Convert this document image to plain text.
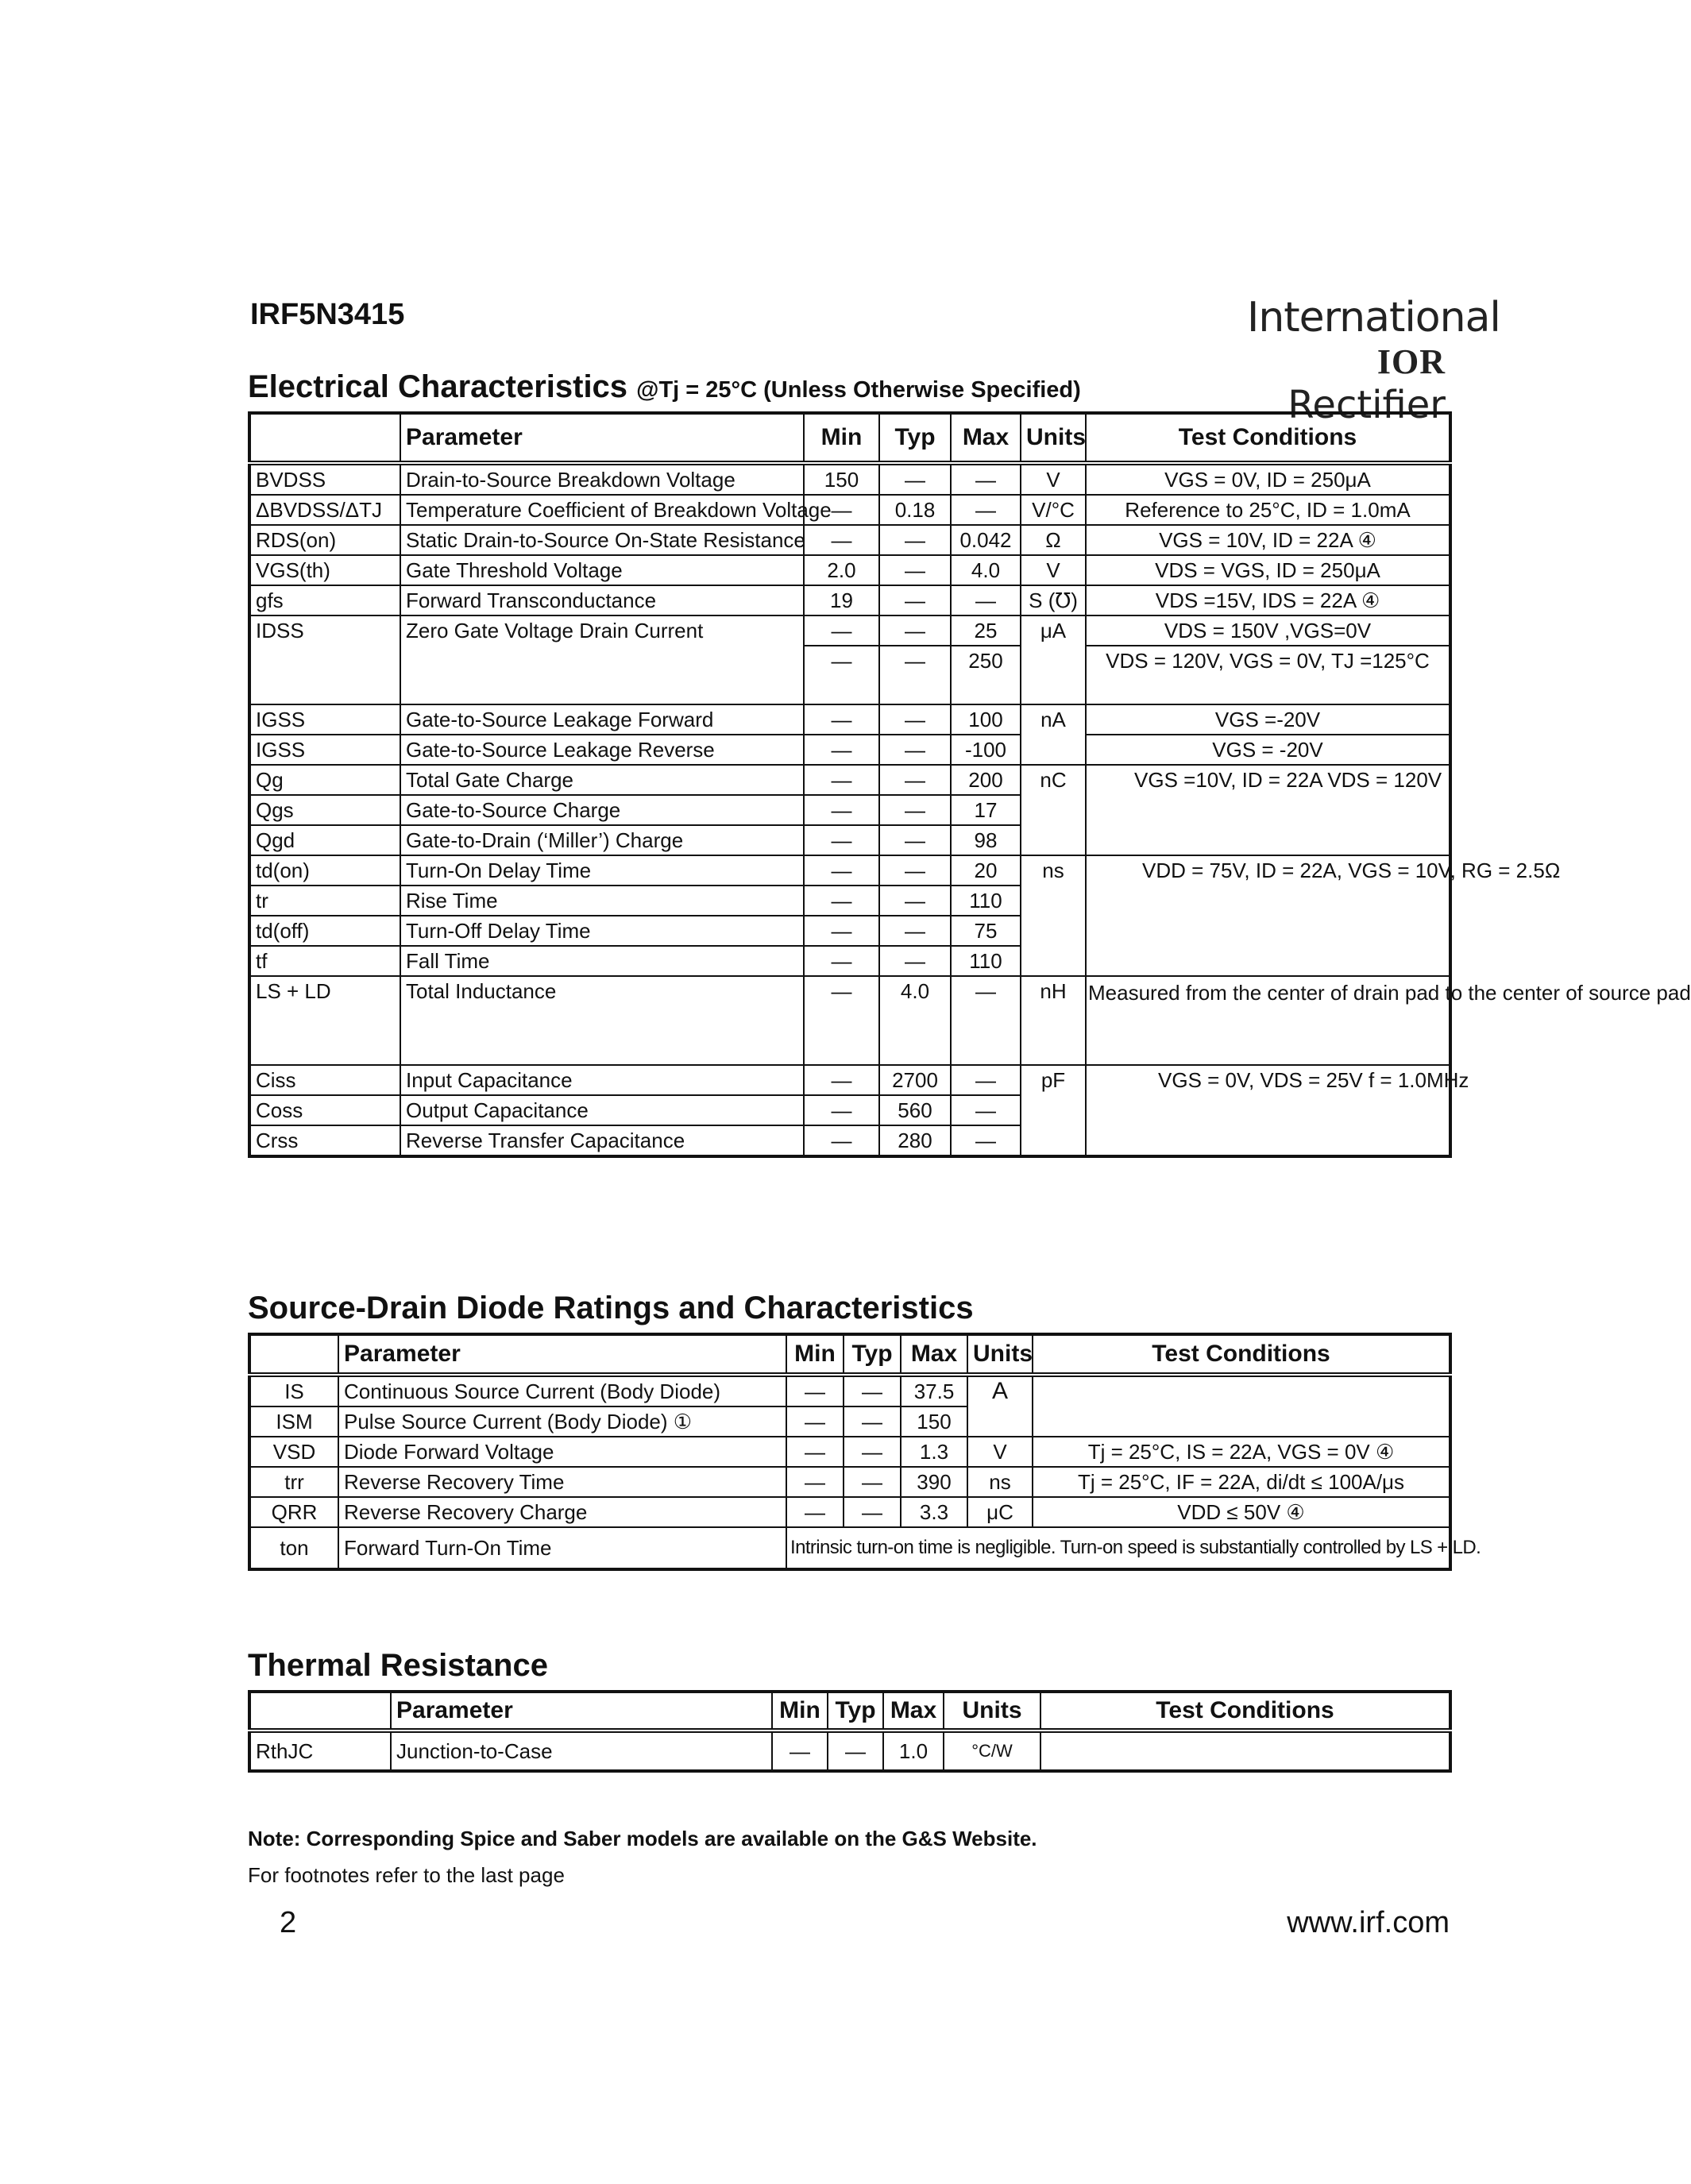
IRF5N3415	International
IOR Rectifier
Electrical Characteristics @Tj = 25°C (Unless Otherwise Specified)
	Parameter	Min	Typ	Max	Units	Test Conditions
BVDSS	Drain-to-Source Breakdown Voltage	150	—	—	V	VGS = 0V, ID = 250μA
ΔBVDSS/ΔTJ	Temperature Coefficient of Breakdown Voltage	—	0.18	—	V/°C	Reference to 25°C, ID = 1.0mA
RDS(on)	Static Drain-to-Source On-State Resistance	—	—	0.042	Ω	VGS = 10V, ID = 22A ④
VGS(th)	Gate Threshold Voltage	2.0	—	4.0	V	VDS = VGS, ID = 250μA
gfs	Forward Transconductance	19	—	—	S (℧)	VDS =15V, IDS = 22A ④
IDSS	Zero Gate Voltage Drain Current	—	—	25	μA	VDS = 150V ,VGS=0V
		—	—	250		VDS = 120V, VGS = 0V, TJ =125°C
IGSS	Gate-to-Source Leakage Forward	—	—	100	nA	VGS =-20V
IGSS	Gate-to-Source Leakage Reverse	—	—	-100		VGS = -20V
Qg	Total Gate Charge	—	—	200	nC	VGS =10V, ID = 22A VDS = 120V
Qgs	Gate-to-Source Charge	—	—	17		
Qgd	Gate-to-Drain (‘Miller’) Charge	—	—	98		
td(on)	Turn-On Delay Time	—	—	20	ns	VDD = 75V, ID = 22A, VGS = 10V, RG = 2.5Ω
tr	Rise Time	—	—	110		
td(off)	Turn-Off Delay Time	—	—	75		
tf	Fall Time	—	—	110		
LS + LD	Total Inductance	—	4.0	—	nH	Measured from the center of drain pad to the center of source pad
Ciss	Input Capacitance	—	2700	—	pF	VGS = 0V, VDS = 25V f = 1.0MHz
Coss	Output Capacitance	—	560	—		
Crss	Reverse Transfer Capacitance	—	280	—		
Source-Drain Diode Ratings and Characteristics
	Parameter	Min	Typ	Max	Units	Test Conditions
IS	Continuous Source Current (Body Diode)	—	—	37.5	A	
ISM	Pulse Source Current (Body Diode) ①	—	—	150		
VSD	Diode Forward Voltage	—	—	1.3	V	Tj = 25°C, IS = 22A, VGS = 0V ④
trr	Reverse Recovery Time	—	—	390	ns	Tj = 25°C, IF = 22A, di/dt ≤ 100A/μs
QRR	Reverse Recovery Charge	—	—	3.3	μC	VDD ≤ 50V ④
ton	Forward Turn-On Time	Intrinsic turn-on time is negligible. Turn-on speed is substantially controlled by LS + LD.				
Thermal Resistance
	Parameter	Min	Typ	Max	Units	Test Conditions
RthJC	Junction-to-Case	—	—	1.0	°C/W	
Note: Corresponding Spice and Saber models are available on the G&S Website.
For footnotes refer to the last page
2	www.irf.com
